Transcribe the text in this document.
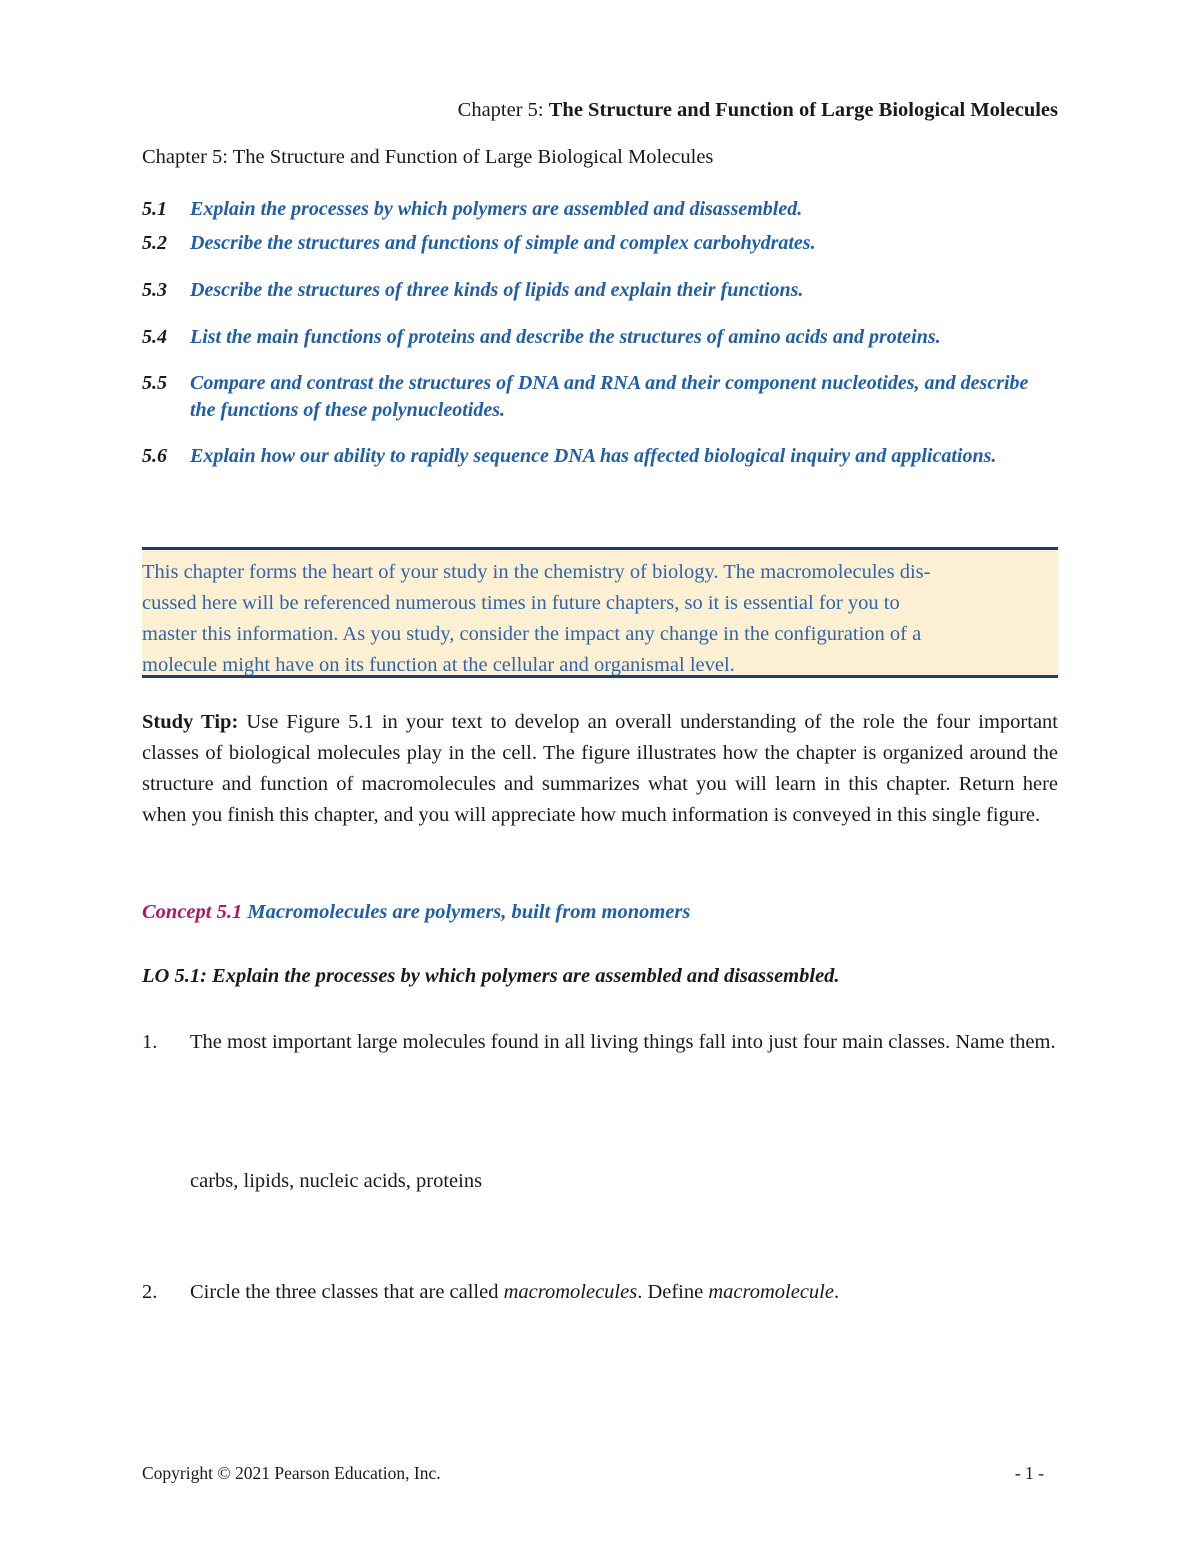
Chapter 5: The Structure and Function of Large Biological Molecules
Chapter 5: The Structure and Function of Large Biological Molecules
5.1 Explain the processes by which polymers are assembled and disassembled.
5.2 Describe the structures and functions of simple and complex carbohydrates.
5.3 Describe the structures of three kinds of lipids and explain their functions.
5.4 List the main functions of proteins and describe the structures of amino acids and proteins.
5.5 Compare and contrast the structures of DNA and RNA and their component nucleotides, and describe the functions of these polynucleotides.
5.6 Explain how our ability to rapidly sequence DNA has affected biological inquiry and applications.
This chapter forms the heart of your study in the chemistry of biology. The macromolecules dis-
cussed here will be referenced numerous times in future chapters, so it is essential for you to
master this information. As you study, consider the impact any change in the configuration of a
molecule might have on its function at the cellular and organismal level.
Study Tip: Use Figure 5.1 in your text to develop an overall understanding of the role the four important classes of biological molecules play in the cell. The figure illustrates how the chapter is organized around the structure and function of macromolecules and summarizes what you will learn in this chapter. Return here when you finish this chapter, and you will appreciate how much information is conveyed in this single figure.
Concept 5.1 Macromolecules are polymers, built from monomers
LO 5.1: Explain the processes by which polymers are assembled and disassembled.
1. The most important large molecules found in all living things fall into just four main classes. Name them.
carbs, lipids, nucleic acids, proteins
2. Circle the three classes that are called macromolecules. Define macromolecule.
Copyright © 2021 Pearson Education, Inc.	- 1 -
